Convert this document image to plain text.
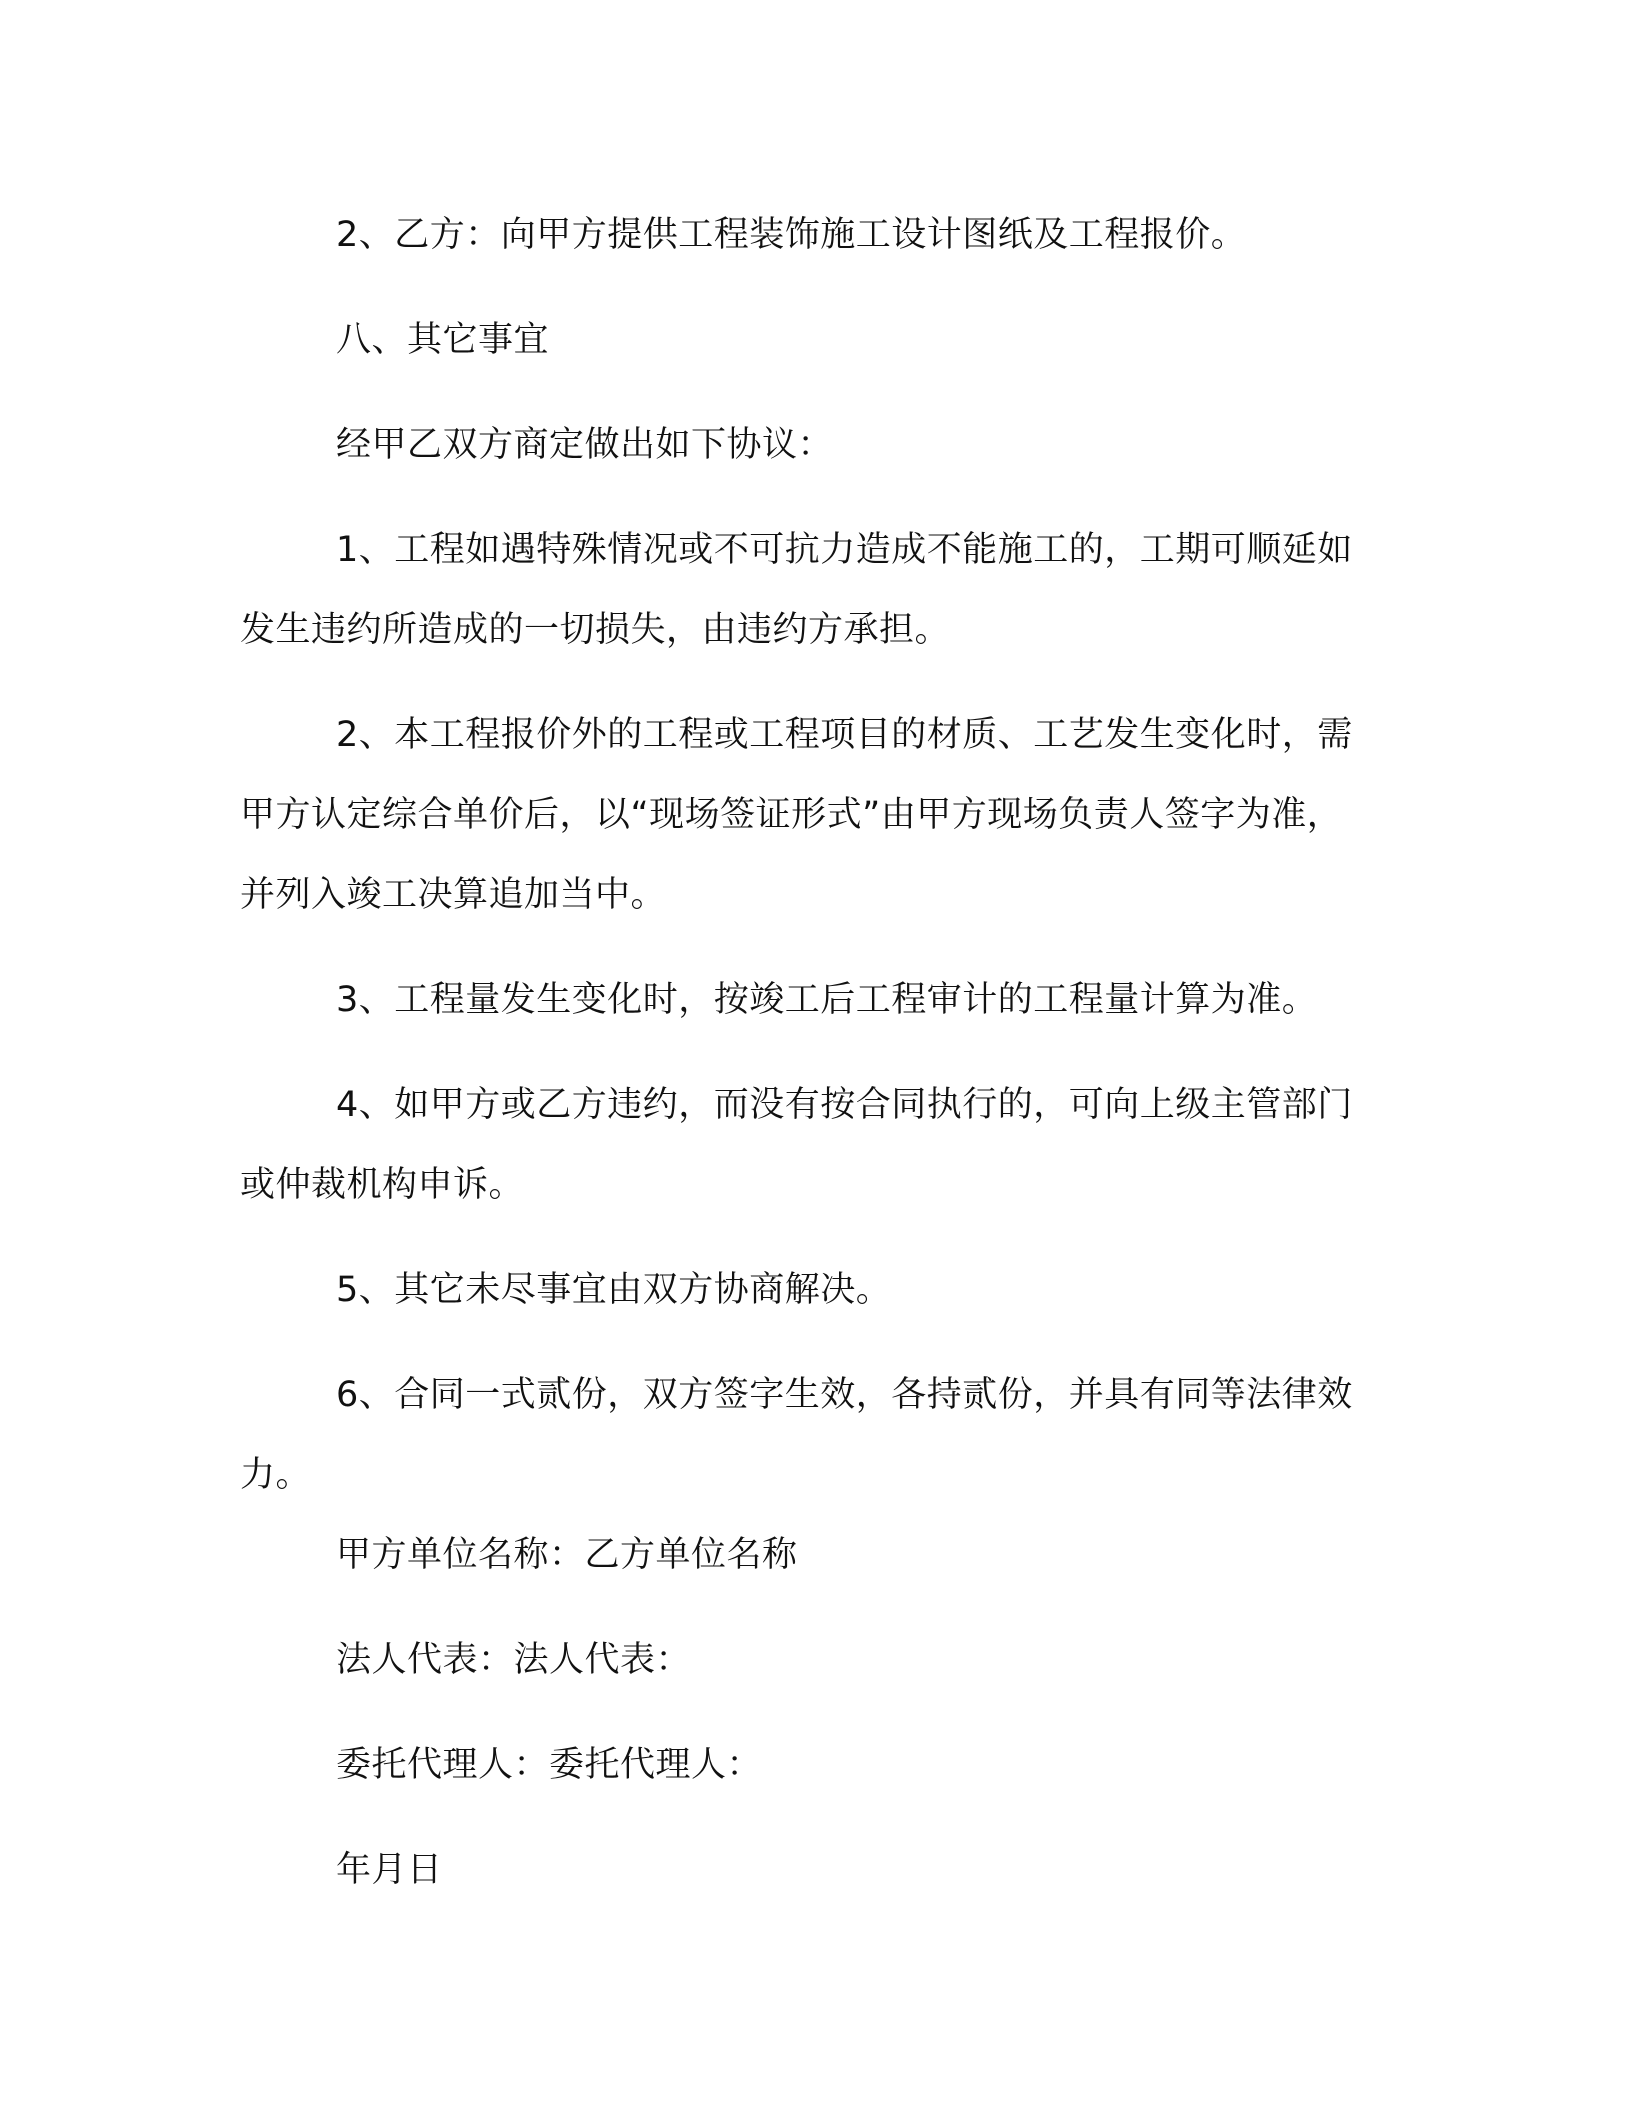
2、乙方：向甲方提供工程装饰施工设计图纸及工程报价。

八、其它事宜

经甲乙双方商定做出如下协议：

1、工程如遇特殊情况或不可抗力造成不能施工的，工期可顺延如发生违约所造成的一切损失，由违约方承担。

2、本工程报价外的工程或工程项目的材质、工艺发生变化时，需甲方认定综合单价后，以“现场签证形式”由甲方现场负责人签字为准，并列入竣工决算追加当中。

3、工程量发生变化时，按竣工后工程审计的工程量计算为准。

4、如甲方或乙方违约，而没有按合同执行的，可向上级主管部门或仲裁机构申诉。

5、其它未尽事宜由双方协商解决。

6、合同一式贰份，双方签字生效，各持贰份，并具有同等法律效力。

甲方单位名称：乙方单位名称

法人代表：法人代表：

委托代理人：委托代理人：

年月日
